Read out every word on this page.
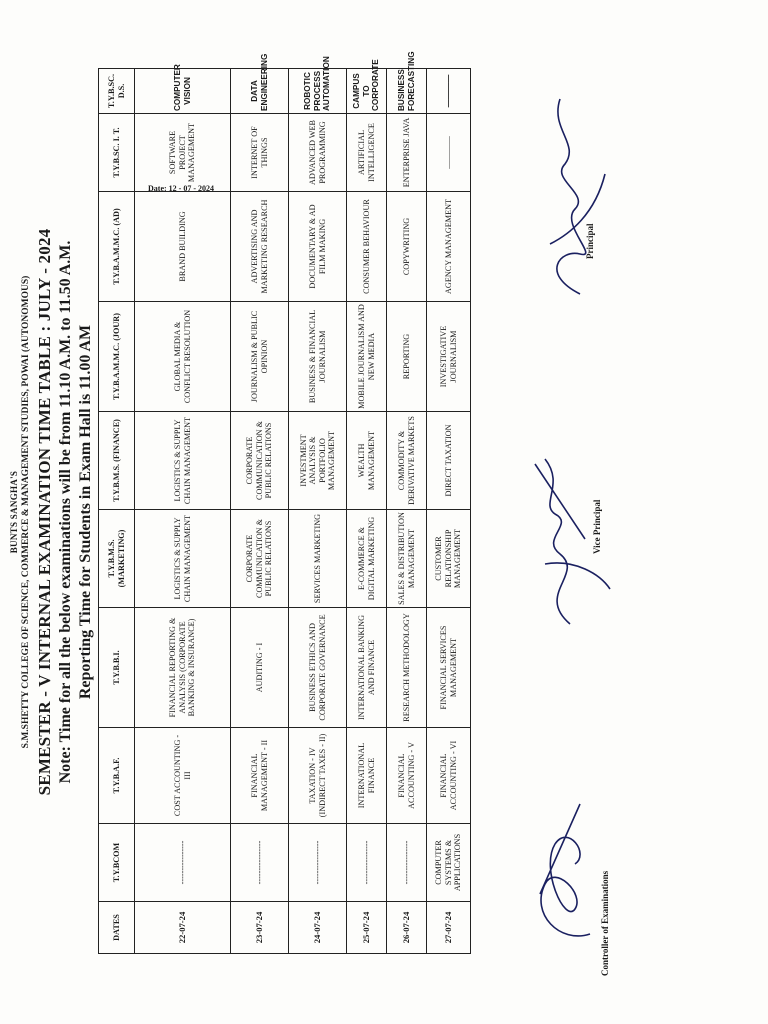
BUNTS SANGHA'S S.M.SHETTY COLLEGE OF SCIENCE, COMMERCE & MANAGEMENT STUDIES, POWAI (AUTONOMOUS) SEMESTER - V INTERNAL EXAMINATION TIME TABLE : JULY - 2024 Note: Time for all the below examinations will be from 11.10 A.M. to 11.50 A.M. Reporting Time for Students in Exam Hall is 11.00 AM
Date: 12 - 07 - 2024
DATES	T.Y.BCOM	T.Y.B.A.F.	T.Y.B.B.I.	T.Y.B.M.S. (MARKETING)	T.Y.B.M.S. (FINANCE)	T.Y.B.A.M.M.C. (JOUR)	T.Y.B.A.M.M.C. (AD)	T.Y.B.SC. I. T.	T.Y.B.SC. D.S.
22-07-24	----------------	COST ACCOUNTING - III	FINANCIAL REPORTING & ANALYSIS (CORPORATE BANKING & INSURANCE)	LOGISTICS & SUPPLY CHAIN MANAGEMENT	LOGISTICS & SUPPLY CHAIN MANAGEMENT	GLOBAL MEDIA & CONFLICT RESOLUTION	BRAND BUILDING	SOFTWARE PROJECT MANAGEMENT	COMPUTER VISION
23-07-24	----------------	FINANCIAL MANAGEMENT - II	AUDITING - I	CORPORATE COMMUNICATION & PUBLIC RELATIONS	CORPORATE COMMUNICATION & PUBLIC RELATIONS	JOURNALISM & PUBLIC OPINION	ADVERTISING AND MARKETING RESEARCH	INTERNET OF THINGS	DATA ENGINEERING
24-07-24	----------------	TAXATION - IV (INDIRECT TAXES - II)	BUSINESS ETHICS AND CORPORATE GOVERNANCE	SERVICES MARKETING	INVESTMENT ANALYSIS & PORTFOLIO MANAGEMENT	BUSINESS & FINANCIAL JOURNALISM	DOCUMENTARY & AD FILM MAKING	ADVANCED WEB PROGRAMMING	ROBOTIC PROCESS AUTOMATION
25-07-24	----------------	INTERNATIONAL FINANCE	INTERNATIONAL BANKING AND FINANCE	E-COMMERCE & DIGITAL MARKETING	WEALTH MANAGEMENT	MOBILE JOURNALISM AND NEW MEDIA	CONSUMER BEHAVIOUR	ARTIFICIAL INTELLIGENCE	CAMPUS TO CORPORATE
26-07-24	----------------	FINANCIAL ACCOUNTING - V	RESEARCH METHODOLOGY	SALES & DISTRIBUTION MANAGEMENT	COMMODITY & DERIVATIVE MARKETS	REPORTING	COPYWRITING	ENTERPRISE JAVA	BUSINESS FORECASTING
27-07-24	COMPUTER SYSTEMS & APPLICATIONS	FINANCIAL ACCOUNTING - VI	FINANCIAL SERVICES MANAGEMENT	CUSTOMER RELATIONSHIP MANAGEMENT	DIRECT TAXATION	INVESTIGATIVE JOURNALISM	AGENCY MANAGEMENT	————	————
Controller of Examinations
Vice Principal
Principal
